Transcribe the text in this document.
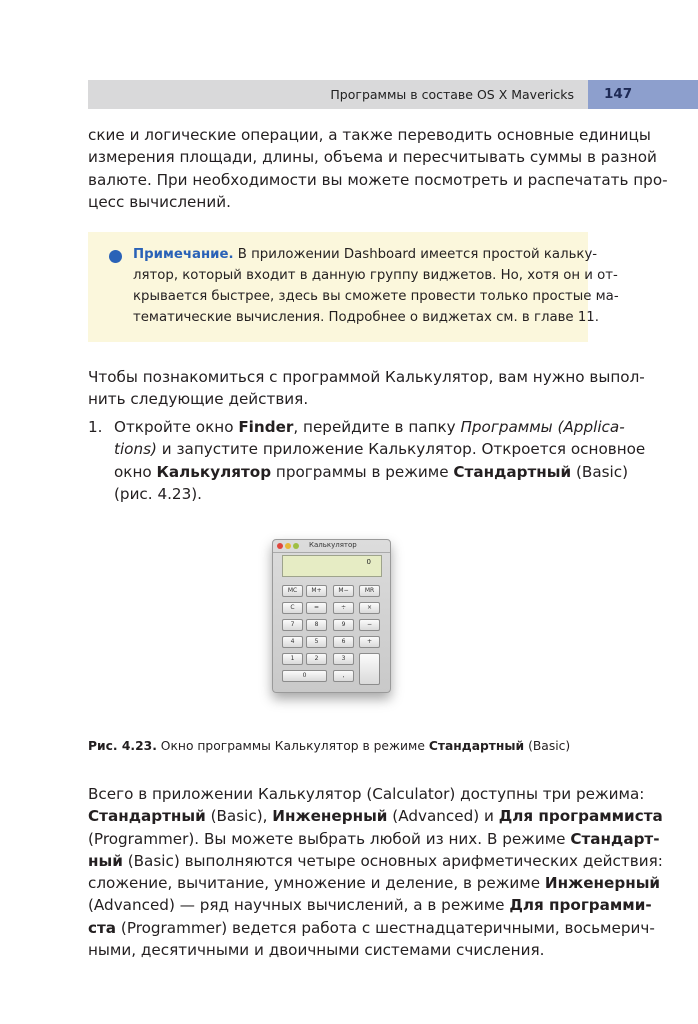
Программы в составе OS X Mavericks 147
ские и логические операции, а также переводить основные единицы
измерения площади, длины, объема и пересчитывать суммы в разной
валюте. При необходимости вы можете посмотреть и распечатать про-
цесс вычислений.
Примечание. В приложении Dashboard имеется простой кальку-
лятор, который входит в данную группу виджетов. Но, хотя он и от-
крывается быстрее, здесь вы сможете провести только простые ма-
тематические вычисления. Подробнее о виджетах см. в главе 11.
Чтобы познакомиться с программой Калькулятор, вам нужно выпол-
нить следующие действия.
1. Откройте окно Finder, перейдите в папку Программы (Applica-
tions) и запустите приложение Калькулятор. Откроется основное
окно Калькулятор программы в режиме Стандартный (Basic)
(рис. 4.23).
Калькулятор
0
MC	M+	M−	MR
C	=	÷	×
7	8	9	−
4	5	6	+
1	2	3
0	,
Рис. 4.23. Окно программы Калькулятор в режиме Стандартный (Basic)
Всего в приложении Калькулятор (Calculator) доступны три режима:
Стандартный (Basic), Инженерный (Advanced) и Для программиста
(Programmer). Вы можете выбрать любой из них. В режиме Стандарт-
ный (Basic) выполняются четыре основных арифметических действия:
сложение, вычитание, умножение и деление, в режиме Инженерный
(Advanced) — ряд научных вычислений, а в режиме Для программи-
ста (Programmer) ведется работа с шестнадцатеричными, восьмерич-
ными, десятичными и двоичными системами счисления.
